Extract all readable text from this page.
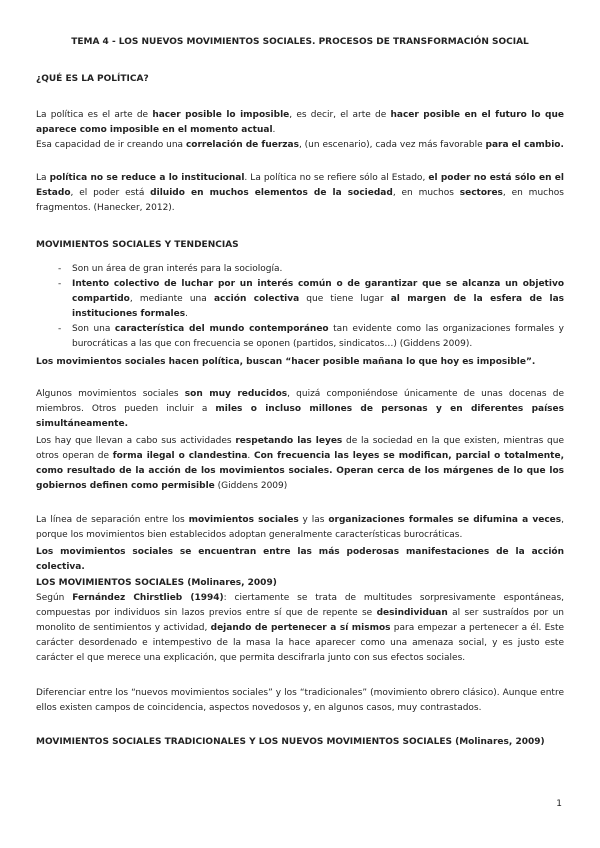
TEMA 4 - LOS NUEVOS MOVIMIENTOS SOCIALES. PROCESOS DE TRANSFORMACIÓN SOCIAL

¿QUÉ ES LA POLÍTICA?

La política es el arte de hacer posible lo imposible, es decir, el arte de hacer posible en el futuro lo que aparece como imposible en el momento actual.

Esa capacidad de ir creando una correlación de fuerzas, (un escenario), cada vez más favorable para el cambio.

La política no se reduce a lo institucional. La política no se refiere sólo al Estado, el poder no está sólo en el Estado, el poder está diluido en muchos elementos de la sociedad, en muchos sectores, en muchos fragmentos. (Hanecker, 2012).

MOVIMIENTOS SOCIALES Y TENDENCIAS

- Son un área de gran interés para la sociología.
- Intento colectivo de luchar por un interés común o de garantizar que se alcanza un objetivo compartido, mediante una acción colectiva que tiene lugar al margen de la esfera de las instituciones formales.
- Son una característica del mundo contemporáneo tan evidente como las organizaciones formales y burocráticas a las que con frecuencia se oponen (partidos, sindicatos…) (Giddens 2009).

Los movimientos sociales hacen política, buscan “hacer posible mañana lo que hoy es imposible”.

Algunos movimientos sociales son muy reducidos, quizá componiéndose únicamente de unas docenas de miembros. Otros pueden incluir a miles o incluso millones de personas y en diferentes países simultáneamente.

Los hay que llevan a cabo sus actividades respetando las leyes de la sociedad en la que existen, mientras que otros operan de forma ilegal o clandestina. Con frecuencia las leyes se modifican, parcial o totalmente, como resultado de la acción de los movimientos sociales. Operan cerca de los márgenes de lo que los gobiernos definen como permisible (Giddens 2009)

La línea de separación entre los movimientos sociales y las organizaciones formales se difumina a veces, porque los movimientos bien establecidos adoptan generalmente características burocráticas.

Los movimientos sociales se encuentran entre las más poderosas manifestaciones de la acción colectiva.

LOS MOVIMIENTOS SOCIALES (Molinares, 2009)

Según Fernández Chirstlieb (1994): ciertamente se trata de multitudes sorpresivamente espontáneas, compuestas por individuos sin lazos previos entre sí que de repente se desindividuan al ser sustraídos por un monolito de sentimientos y actividad, dejando de pertenecer a sí mismos para empezar a pertenecer a él. Este carácter desordenado e intempestivo de la masa la hace aparecer como una amenaza social, y es justo este carácter el que merece una explicación, que permita descifrarla junto con sus efectos sociales.

Diferenciar entre los “nuevos movimientos sociales” y los “tradicionales” (movimiento obrero clásico). Aunque entre ellos existen campos de coincidencia, aspectos novedosos y, en algunos casos, muy contrastados.

MOVIMIENTOS SOCIALES TRADICIONALES Y LOS NUEVOS MOVIMIENTOS SOCIALES (Molinares, 2009)

1
